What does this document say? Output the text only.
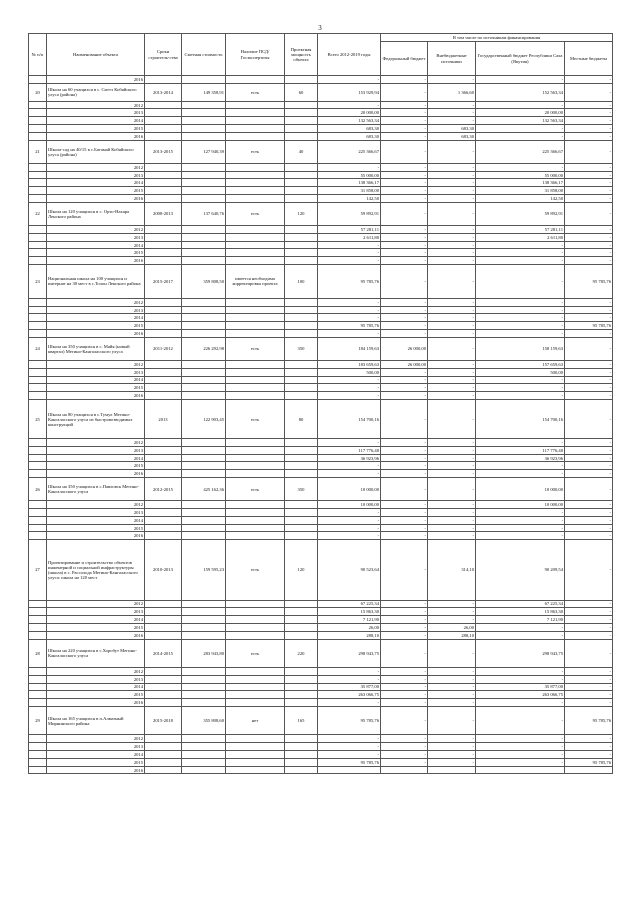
3
№ п/п	Наименование объекта	Сроки строитель-ства	Сметная стоимость	Наличие ПСД/ Госэкспертизы	Проектная мощность объекта	Всего 2012-2019 годы	В том числе по источникам финансирования			
							Федеральный бюджет	Внебюджетные источники	Государственный бюджет Республики Саха (Якутия)	Местные бюджеты
	2016					-	-	-	-	-
20	Школа на 60 учащихся в с. Ситтэ Кобяйского улуса (района)	2013-2014	149 358,91	есть	60	153 929,94	-	1 366,60	152 563,34	-
	2012					-	-	-	-	-
	2013					20 000,00	-	-	20 000,00	-
	2014					132 563,34	-	-	132 563,34	-
	2015					683,30	-	683,30	-	-
	2016					683,30	-	683,30	-	-
21	Школа-сад на 40/15 в с.Батамай Кобяйского улуса (района)	2013-2015	127 940,39	есть	40	225 366,67	-	-	225 366,67	-
	2012					-	-	-	-	-
	2013					55 000,00	-	-	55 000,00	-
	2014					138 366,17	-	-	138 366,17	-
	2015					31 858,00	-	-	31 858,00	-
	2016					142,50	-	-	142,50	-
22	Школа на 120 учащихся в с. Орто-Нахара Ленского района	2008-2013	137 640,76	есть	120	59 892,91	-	-	59 892,91	-
	2012					57 281,11	-	-	57 281,11	-
	2013					2 611,80	-	-	2 611,80	-
	2014					-	-	-	-	-
	2015					-	-	-	-	-
	2016					-	-	-	-	-
23	Национальная школа на 100 учащихся и интернат на 30 мест в с.Толон Ленского района	2015-2017	359 808,50	имеется необходима корректировка проекта	100	95 785,76	-	-	-	95 785,76
	2012					-	-	-	-	-
	2013					-	-	-	-	-
	2014					-	-	-	-	-
	2015					95 785,76	-	-	-	95 785,76
	2016					-	-	-	-	-
24	Школа на 350 учащихся в с. Майя (новый квартал) Мегино-Кангаласского улуса	2011-2012	226 292,98	есть	350	184 159,63	26 000,00	-	158 159,63	-
	2012					183 659,63	26 000,00	-	157 659,63	-
	2013					500,00	-	-	500,00	-
	2014					-	-	-	-	-
	2015					-	-	-	-	-
	2016					-	-	-	-	-
25	Школа на 80 учащихся в с.Тумул Мегино-Кангаласского улуса из быстровозводимых конструкций	2013	122 903,45	есть	80	154 700,16	-	-	154 700,16	-
	2012					-	-	-	-	-
	2013					117 776,40	-	-	117 776,40	-
	2014					36 923,96	-	-	36 923,96	-
	2015					-	-	-	-	-
	2016					-	-	-	-	-
26	Школа на 350 учащихся в с.Павловск Мегино-Кангаласского улуса	2012-2015	425 162,36	есть	350	10 000,00	-	-	10 000,00	-
	2012					10 000,00	-	-	10 000,00	-
	2013					-	-	-	-	-
	2014					-	-	-	-	-
	2015					-	-	-	-	-
	2016					-	-	-	-	-
27	Проектирование и строительство объектов инженерной и социальной инфраструктуры (школа) в с. Рассолода Мегино-Кангаласского улуса: школа на 120 мест	2010-2013	159 595,23	есть	120	90 523,64	-	314,10	90 209,54	-
	2012					67 225,34	-	-	67 225,34	-
	2013					15 863,30	-	-	15 863,30	-
	2014					7 121,90	-	-	7 121,90	-
	2015					26,00	-	26,00	-	-
	2016					288,10	-	288,10	-	-
28	Школа на 220 учащихся в с.Хоробут Мегино-Кангаласского улуса	2014-2015	283 943,80	есть	220	298 943,75	-	-	298 943,75	-
	2012					-	-	-	-	-
	2013					-	-	-	-	-
	2014					35 877,00	-	-	35 877,00	-
	2015					263 066,75	-	-	263 066,75	-
	2016					-	-	-	-	-
29	Школа на 165 учащихся в п.Алмазный Мирнинского района	2015-2018	355 808,60	нет	165	95 785,76	-	-	-	95 785,76
	2012					-	-	-	-	-
	2013					-	-	-	-	-
	2014					-	-	-	-	-
	2015					95 785,76	-	-	-	95 785,76
	2016									
